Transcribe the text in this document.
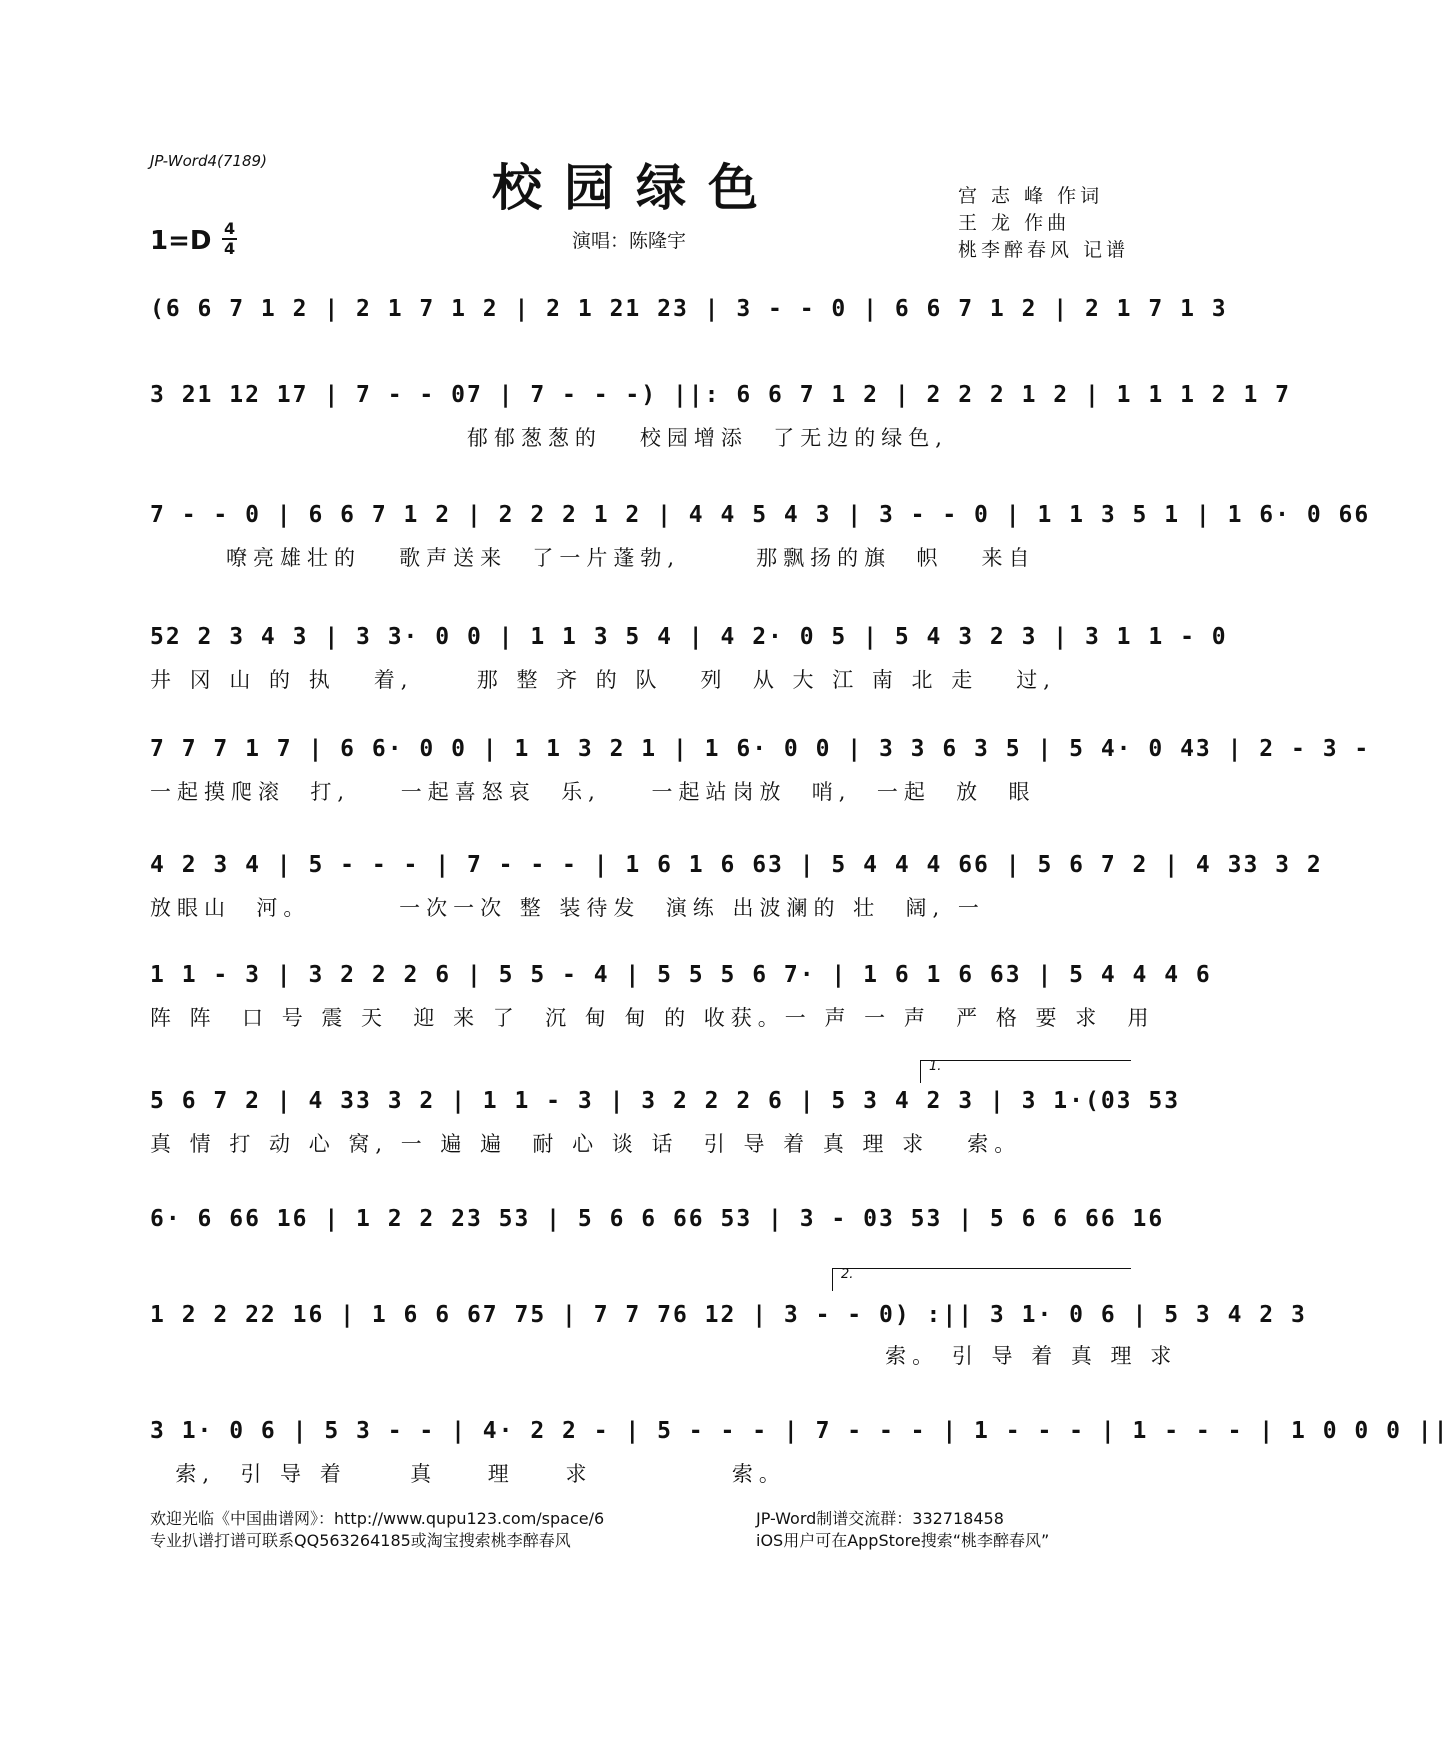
JP-Word4(7189)	校园绿色
1=D 4
4	演唱：陈隆宇
宫 志 峰 作词
王 龙 作曲
桃李醉春风 记谱
(6 6 7 1 2 | 2 1 7 1 2 | 2 1 21 23 | 3 - - 0 | 6 6 7 1 2 | 2 1 7 1 3
3 21 12 17 | 7 - - 07 | 7 - - -) ||: 6 6 7 1 2 | 2 2 2 1 2 | 1 1 1 2 1 7
郁郁葱葱的   校园增添  了无边的绿色,
7 - - 0 | 6 6 7 1 2 | 2 2 2 1 2 | 4 4 5 4 3 | 3 - - 0 | 1 1 3 5 1 | 1 6· 0 66
嘹亮雄壮的   歌声送来  了一片蓬勃,      那飘扬的旗  帜   来自
52 2 3 4 3 | 3 3· 0 0 | 1 1 3 5 4 | 4 2· 0 5 | 5 4 3 2 3 | 3 1 1 - 0
井 冈 山 的 执   着,     那 整 齐 的 队   列  从 大 江 南 北 走   过,
7 7 7 1 7 | 6 6· 0 0 | 1 1 3 2 1 | 1 6· 0 0 | 3 3 6 3 5 | 5 4· 0 43 | 2 - 3 -
一起摸爬滚  打,    一起喜怒哀  乐,    一起站岗放  哨,  一起  放  眼
4 2 3 4 | 5 - - - | 7 - - - | 1 6 1 6 63 | 5 4 4 4 66 | 5 6 7 2 | 4 33 3 2
放眼山  河。       一次一次 整 装待发  演练 出波澜的 壮  阔, 一
1 1 - 3 | 3 2 2 2 6 | 5 5 - 4 | 5 5 5 6 7· | 1 6 1 6 63 | 5 4 4 4 6
阵 阵  口 号 震 天  迎 来 了  沉 甸 甸 的 收获。一 声 一 声  严 格 要 求  用
1.
5 6 7 2 | 4 33 3 2 | 1 1 - 3 | 3 2 2 2 6 | 5 3 4 2 3 | 3 1·(03 53
真 情 打 动 心 窝, 一 遍 遍  耐 心 谈 话  引 导 着 真 理 求   索。
6· 6 66 16 | 1 2 2 23 53 | 5 6 6 66 53 | 3 - 03 53 | 5 6 6 66 16
2.
1 2 2 22 16 | 1 6 6 67 75 | 7 7 76 12 | 3 - - 0) :|| 3 1· 0 6 | 5 3 4 2 3
索。 引 导 着 真 理 求
3 1· 0 6 | 5 3 - - | 4· 2 2 - | 5 - - - | 7 - - - | 1 - - - | 1 - - - | 1 0 0 0 ||
索,  引 导 着     真    理    求           索。
欢迎光临《中国曲谱网》：http://www.qupu123.com/space/6
专业扒谱打谱可联系QQ563264185或淘宝搜索桃李醉春风
JP-Word制谱交流群：332718458
iOS用户可在AppStore搜索“桃李醉春风”
